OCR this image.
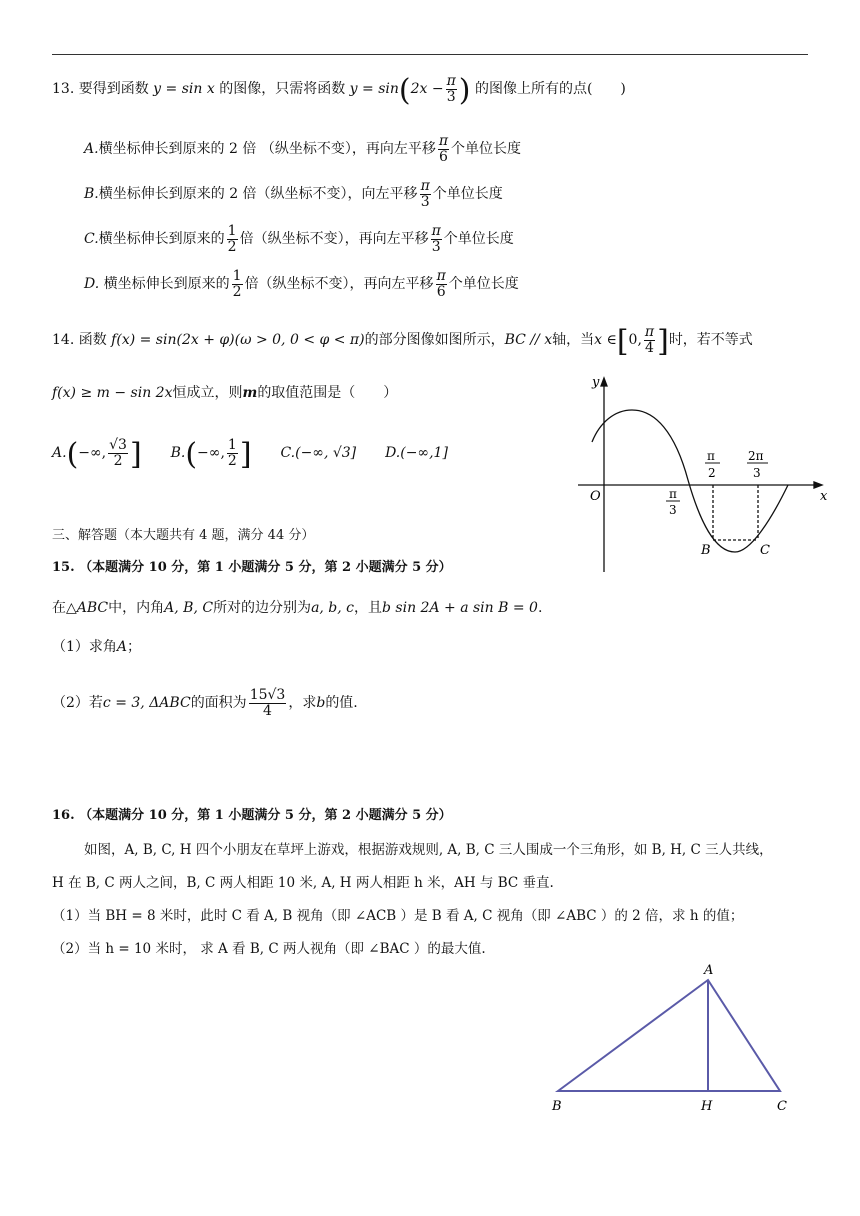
13. 要得到函数 y = sin x 的图像，只需将函数 $y = \sin(2x - \frac{\pi}{3}$ ) 的图像上所有的点(　　)
A.横坐标伸长到原来的 2 倍 （纵坐标不变），再向左平移 $\frac{\pi}{6}$ 个单位长度
B.横坐标伸长到原来的 2 倍（纵坐标不变），向左平移 $\frac{\pi}{3}$ 个单位长度
C.横坐标伸长到原来的 $\frac{1}{2}$ 倍（纵坐标不变），再向左平移 $\frac{\pi}{3}$ 个单位长度
D. 横坐标伸长到原来的 $\frac{1}{2}$ 倍（纵坐标不变），再向左平移 $\frac{\pi}{6}$ 个单位长度
14. 函数 f(x) = sin(2x + φ)(ω > 0, 0 < φ < π)的部分图像如图所示，BC // x轴，当x ∈[0, $\frac{\pi}{4}$ ]时，若不等式
f(x) ≥ m − sin 2x恒成立，则m的取值范围是（　　）
A.(−∞, $\frac{√3}{2}$ ] B.(−∞, $\frac{1}{2}$ ] C.(−∞, √3] D.(−∞,1]
y
x
O	π
3
π
2
2π
3
B	C
三、解答题（本大题共有 4 题，满分 44 分）
15. （本题满分 10 分，第 1 小题满分 5 分，第 2 小题满分 5 分）
在△ABC中，内角A, B, C所对的边分别为a, b, c，且b sin 2A + a sin B = 0.
（1）求角A；
（2）若c = 3, ΔABC的面积为 $\frac{15√3}{4}$ ，求b的值.
16. （本题满分 10 分，第 1 小题满分 5 分，第 2 小题满分 5 分）
如图，A, B, C, H 四个小朋友在草坪上游戏，根据游戏规则, A, B, C 三人围成一个三角形，如 B, H, C 三人共线，
H 在 B, C 两人之间，B, C 两人相距 10 米, A, H 两人相距 h 米，AH 与 BC 垂直.
（1）当 BH = 8 米时，此时 C 看 A, B 视角（即 ∠ACB ）是 B 看 A, C 视角（即 ∠ABC ）的 2 倍，求 h 的值；
（2）当 h = 10 米时， 求 A 看 B, C 两人视角（即 ∠BAC ）的最大值.
A
B	H	C
